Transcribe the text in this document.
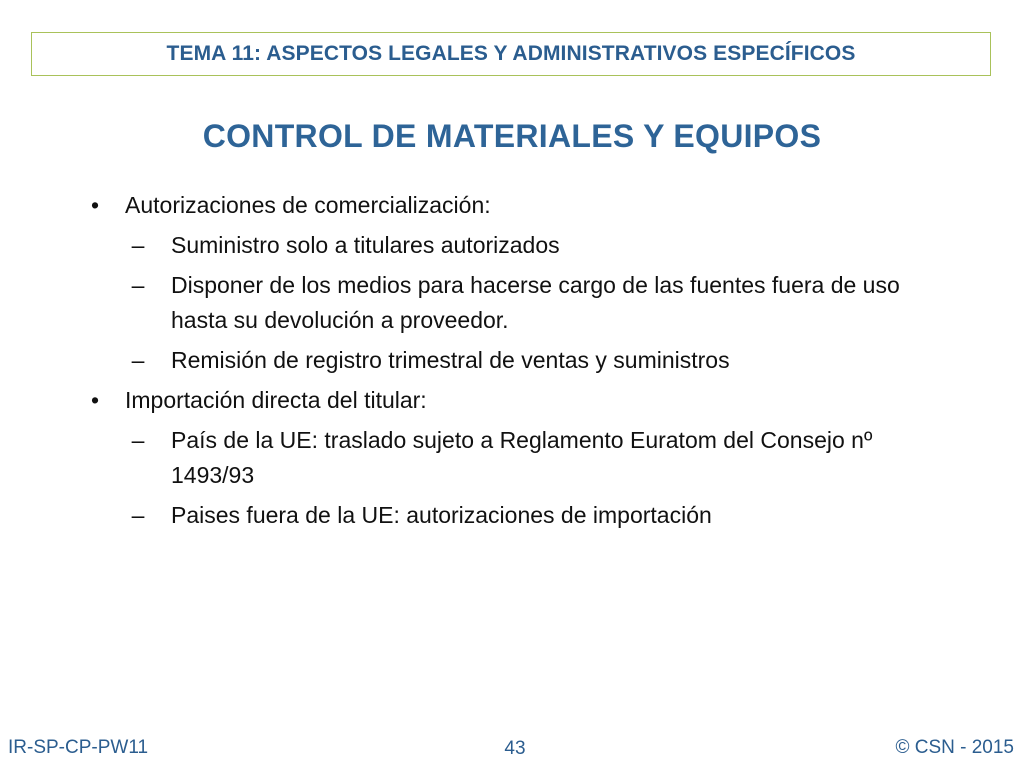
TEMA 11: ASPECTOS LEGALES Y ADMINISTRATIVOS ESPECÍFICOS
CONTROL DE MATERIALES Y EQUIPOS
• Autorizaciones de comercialización:
– Suministro solo a titulares autorizados
– Disponer de los medios para hacerse cargo de las fuentes fuera de uso hasta su devolución a proveedor.
– Remisión de registro trimestral de ventas y suministros
• Importación directa del titular:
– País de la UE: traslado sujeto a Reglamento Euratom del Consejo nº 1493/93
– Paises fuera de la UE: autorizaciones de importación
IR-SP-CP-PW11	43	© CSN - 2015
